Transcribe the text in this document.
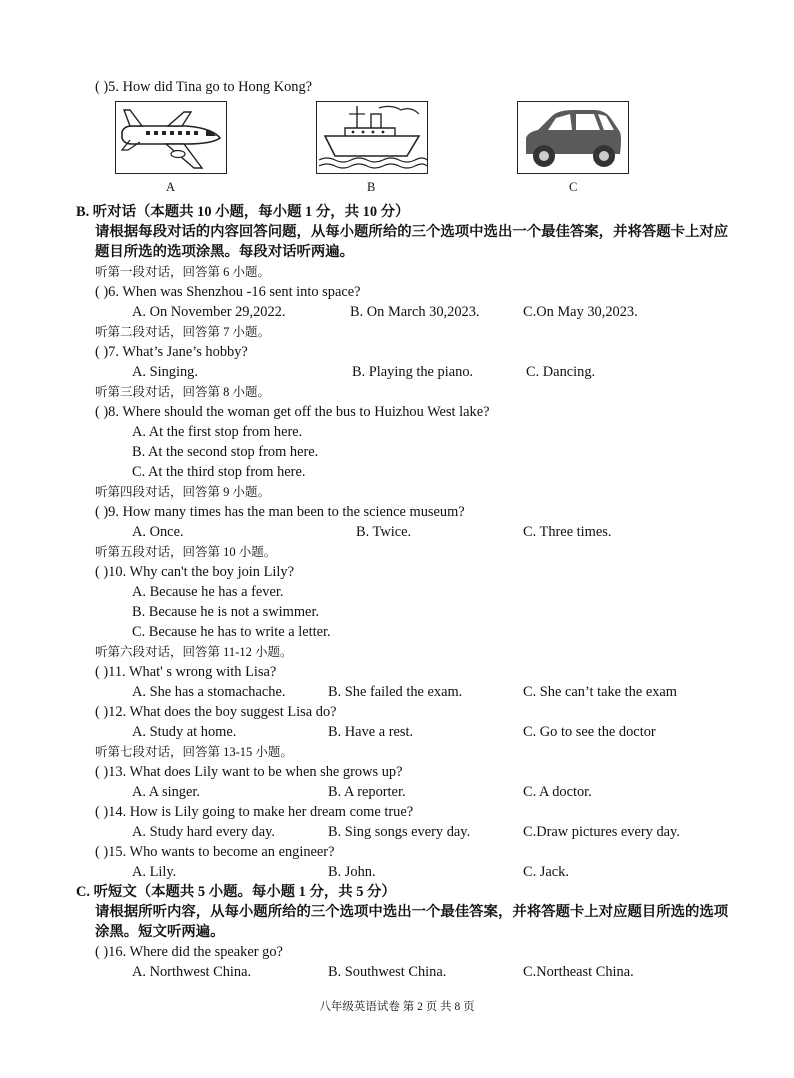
( )5. How did Tina go to Hong Kong?
A	B	C
B. 听对话（本题共 10 小题，每小题 1 分，共 10 分）
请根据每段对话的内容回答问题，从每小题所给的三个选项中选出一个最佳答案，并将答题卡上对应
题目所选的选项涂黑。每段对话听两遍。
听第一段对话，回答第 6 小题。
( )6. When was Shenzhou -16 sent into space?
A. On November 29,2022.	B. On March 30,2023.	C.On May 30,2023.
听第二段对话，回答第 7 小题。
( )7. What’s Jane’s hobby?
A. Singing.	B. Playing the piano.	C. Dancing.
听第三段对话，回答第 8 小题。
( )8. Where should the woman get off the bus to Huizhou West lake?
A. At the first stop from here.
B. At the second stop from here.
C. At the third stop from here.
听第四段对话，回答第 9 小题。
( )9. How many times has the man been to the science museum?
A. Once.	B. Twice.	C. Three times.
听第五段对话，回答第 10 小题。
( )10. Why can't the boy join Lily?
A. Because he has a fever.
B. Because he is not a swimmer.
C. Because he has to write a letter.
听第六段对话，回答第 11-12 小题。
( )11. What' s wrong with Lisa?
A. She has a stomachache.	B. She failed the exam.	C. She can’t take the exam
( )12. What does the boy suggest Lisa do?
A. Study at home.	B. Have a rest.	C. Go to see the doctor
听第七段对话，回答第 13-15 小题。
( )13. What does Lily want to be when she grows up?
A. A singer.	B. A reporter.	C. A doctor.
( )14. How is Lily going to make her dream come true?
A. Study hard every day.	B. Sing songs every day.	C.Draw pictures every day.
( )15. Who wants to become an engineer?
A. Lily.	B. John.	C. Jack.
C. 听短文（本题共 5 小题。每小题 1 分，共 5 分）
请根据所听内容，从每小题所给的三个选项中选出一个最佳答案，并将答题卡上对应题目所选的选项
涂黑。短文听两遍。
( )16. Where did the speaker go?
A. Northwest China.	B. Southwest China.	C.Northeast China.
八年级英语试卷 第 2 页 共 8 页
